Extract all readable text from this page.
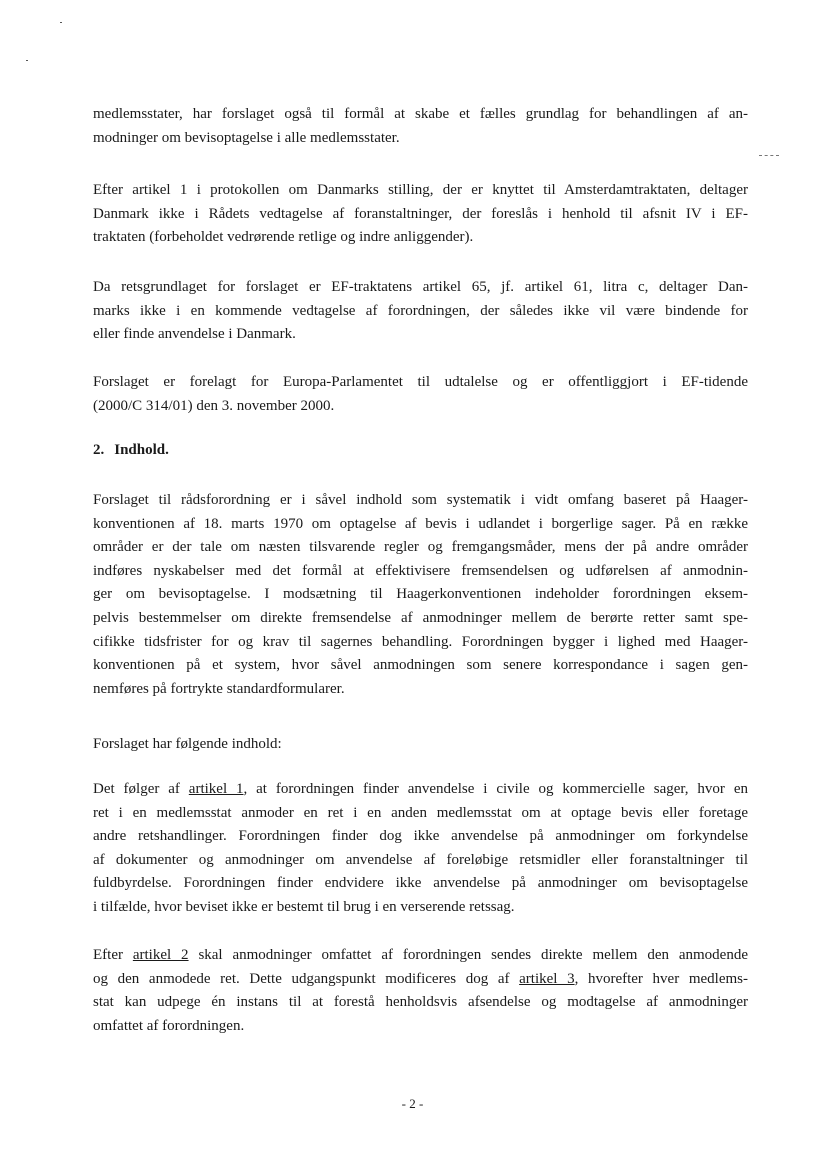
medlemsstater, har forslaget også til formål at skabe et fælles grundlag for behandlingen af an-
modninger om bevisoptagelse i alle medlemsstater.
Efter artikel 1 i protokollen om Danmarks stilling, der er knyttet til Amsterdamtraktaten, deltager
Danmark ikke i Rådets vedtagelse af foranstaltninger, der foreslås i henhold til afsnit IV i EF-
traktaten (forbeholdet vedrørende retlige og indre anliggender).
Da retsgrundlaget for forslaget er EF-traktatens artikel 65, jf. artikel 61, litra c, deltager Dan-
marks ikke i en kommende vedtagelse af forordningen, der således ikke vil være bindende for
eller finde anvendelse i Danmark.
Forslaget er forelagt for Europa-Parlamentet til udtalelse og er offentliggjort i EF-tidende
(2000/C 314/01) den 3. november 2000.
2. Indhold.
Forslaget til rådsforordning er i såvel indhold som systematik i vidt omfang baseret på Haager-
konventionen af 18. marts 1970 om optagelse af bevis i udlandet i borgerlige sager. På en række
områder er der tale om næsten tilsvarende regler og fremgangsmåder, mens der på andre områder
indføres nyskabelser med det formål at effektivisere fremsendelsen og udførelsen af anmodnin-
ger om bevisoptagelse. I modsætning til Haagerkonventionen indeholder forordningen eksem-
pelvis bestemmelser om direkte fremsendelse af anmodninger mellem de berørte retter samt spe-
cifikke tidsfrister for og krav til sagernes behandling. Forordningen bygger i lighed med Haager-
konventionen på et system, hvor såvel anmodningen som senere korrespondance i sagen gen-
nemføres på fortrykte standardformularer.
Forslaget har følgende indhold:
Det følger af artikel 1, at forordningen finder anvendelse i civile og kommercielle sager, hvor en
ret i en medlemsstat anmoder en ret i en anden medlemsstat om at optage bevis eller foretage
andre retshandlinger. Forordningen finder dog ikke anvendelse på anmodninger om forkyndelse
af dokumenter og anmodninger om anvendelse af foreløbige retsmidler eller foranstaltninger til
fuldbyrdelse. Forordningen finder endvidere ikke anvendelse på anmodninger om bevisoptagelse
i tilfælde, hvor beviset ikke er bestemt til brug i en verserende retssag.
Efter artikel 2 skal anmodninger omfattet af forordningen sendes direkte mellem den anmodende
og den anmodede ret. Dette udgangspunkt modificeres dog af artikel 3, hvorefter hver medlems-
stat kan udpege én instans til at forestå henholdsvis afsendelse og modtagelse af anmodninger
omfattet af forordningen.
- 2 -
